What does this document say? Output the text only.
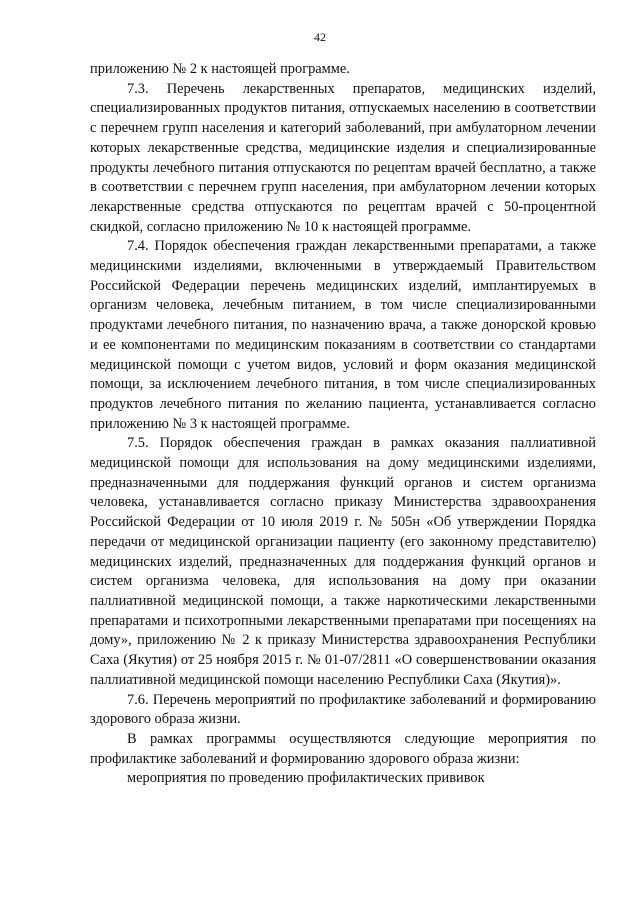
42

приложению № 2 к настоящей программе.

7.3. Перечень лекарственных препаратов, медицинских изделий, специализированных продуктов питания, отпускаемых населению в соответствии с перечнем групп населения и категорий заболеваний, при амбулаторном лечении которых лекарственные средства, медицинские изделия и специализированные продукты лечебного питания отпускаются по рецептам врачей бесплатно, а также в соответствии с перечнем групп населения, при амбулаторном лечении которых лекарственные средства отпускаются по рецептам врачей с 50-процентной скидкой, согласно приложению № 10 к настоящей программе.

7.4. Порядок обеспечения граждан лекарственными препаратами, а также медицинскими изделиями, включенными в утверждаемый Правительством Российской Федерации перечень медицинских изделий, имплантируемых в организм человека, лечебным питанием, в том числе специализированными продуктами лечебного питания, по назначению врача, а также донорской кровью и ее компонентами по медицинским показаниям в соответствии со стандартами медицинской помощи с учетом видов, условий и форм оказания медицинской помощи, за исключением лечебного питания, в том числе специализированных продуктов лечебного питания по желанию пациента, устанавливается согласно приложению № 3 к настоящей программе.

7.5. Порядок обеспечения граждан в рамках оказания паллиативной медицинской помощи для использования на дому медицинскими изделиями, предназначенными для поддержания функций органов и систем организма человека, устанавливается согласно приказу Министерства здравоохранения Российской Федерации от 10 июля 2019 г. № 505н «Об утверждении Порядка передачи от медицинской организации пациенту (его законному представителю) медицинских изделий, предназначенных для поддержания функций органов и систем организма человека, для использования на дому при оказании паллиативной медицинской помощи, а также наркотическими лекарственными препаратами и психотропными лекарственными препаратами при посещениях на дому», приложению № 2 к приказу Министерства здравоохранения Республики Саха (Якутия) от 25 ноября 2015 г. № 01-07/2811 «О совершенствовании оказания паллиативной медицинской помощи населению Республики Саха (Якутия)».

7.6. Перечень мероприятий по профилактике заболеваний и формированию здорового образа жизни.

В рамках программы осуществляются следующие мероприятия по профилактике заболеваний и формированию здорового образа жизни:

мероприятия по проведению профилактических прививок
